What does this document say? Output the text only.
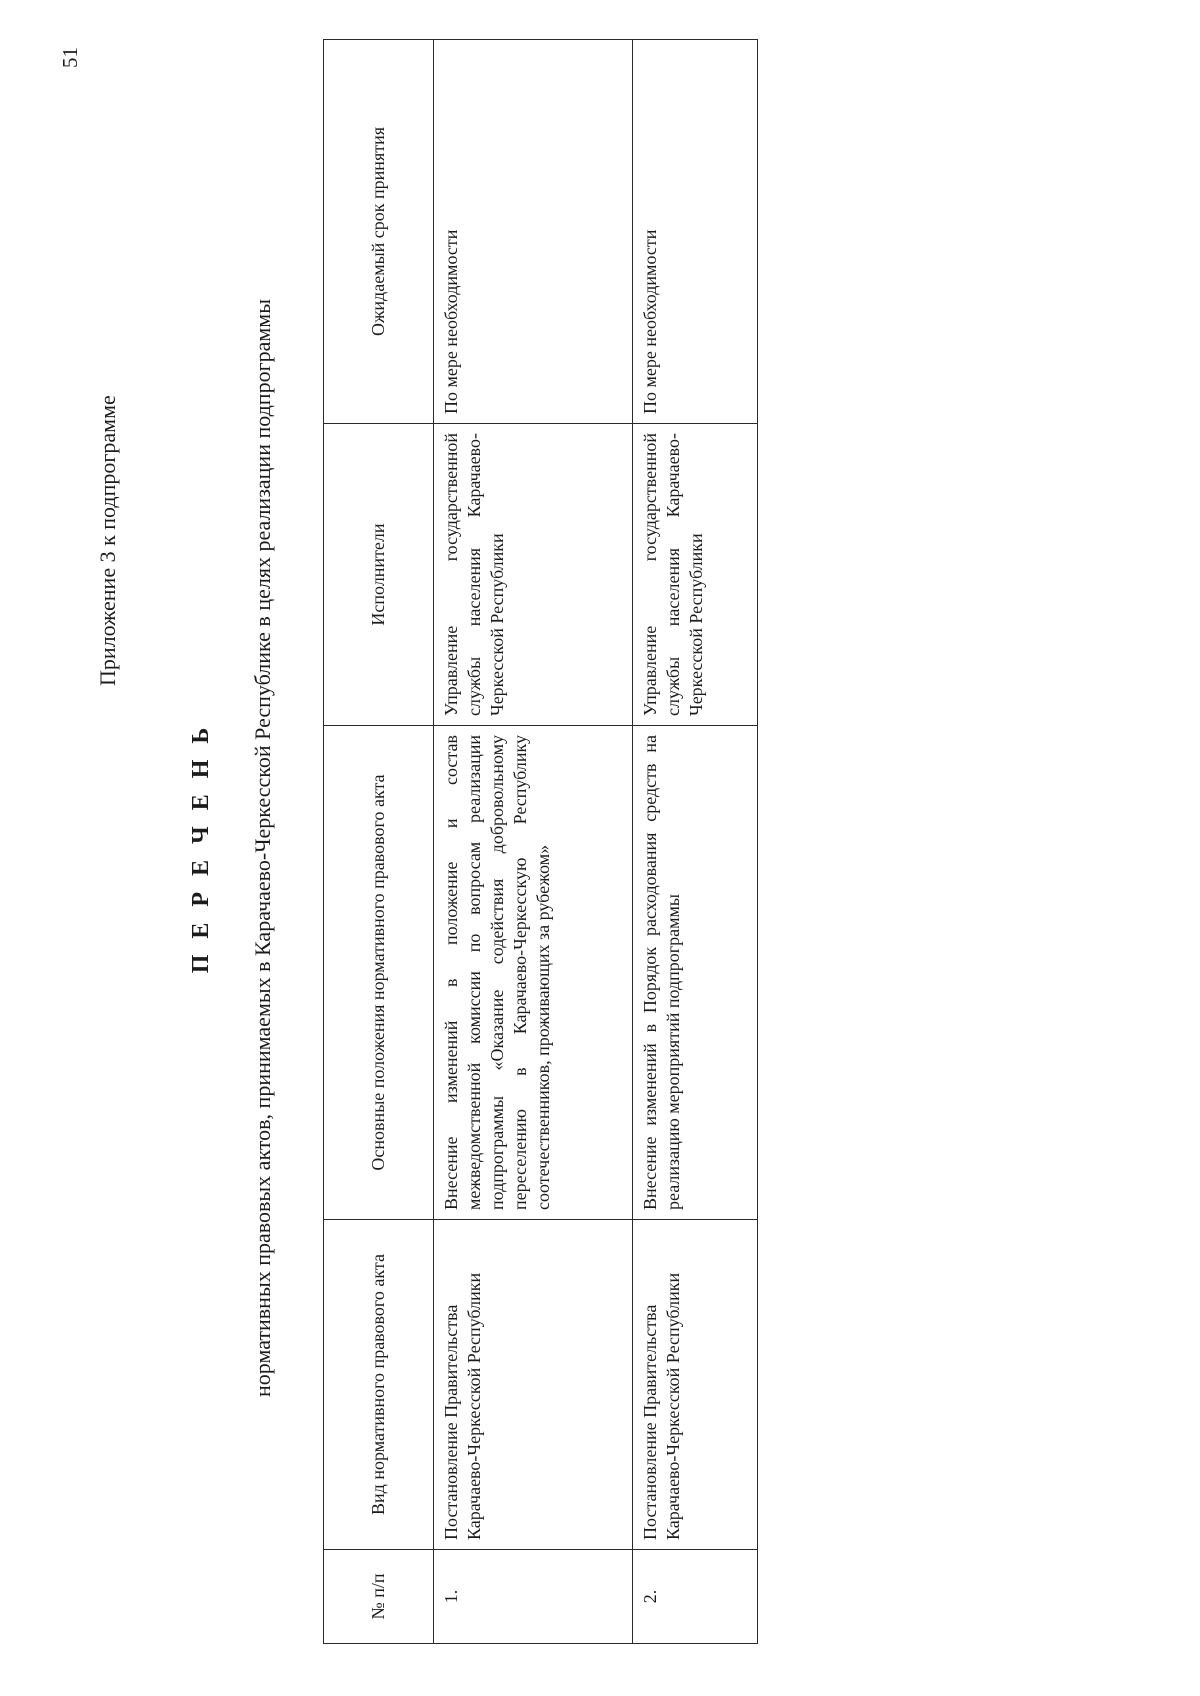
51
Приложение 3 к подпрограмме
П Е Р Е Ч Е Н Ь нормативных правовых актов, принимаемых в Карачаево-Черкесской Республике в целях реализации подпрограммы
№ п/п	Вид нормативного правового акта	Основные положения нормативного правового акта	Исполнители	Ожидаемый срок принятия
1.	Постановление Правительства Карачаево-Черкесской Республики	Внесение изменений в положение и состав межведомственной комиссии по вопросам реализации подпрограммы «Оказание содействия добровольному переселению в Карачаево-Черкесскую Республику соотечественников, проживающих за рубежом»	Управление государственной службы населения Карачаево-Черкесской Республики	По мере необходимости
2.	Постановление Правительства Карачаево-Черкесской Республики	Внесение изменений в Порядок расходования средств на реализацию мероприятий подпрограммы	Управление государственной службы населения Карачаево-Черкесской Республики	По мере необходимости
